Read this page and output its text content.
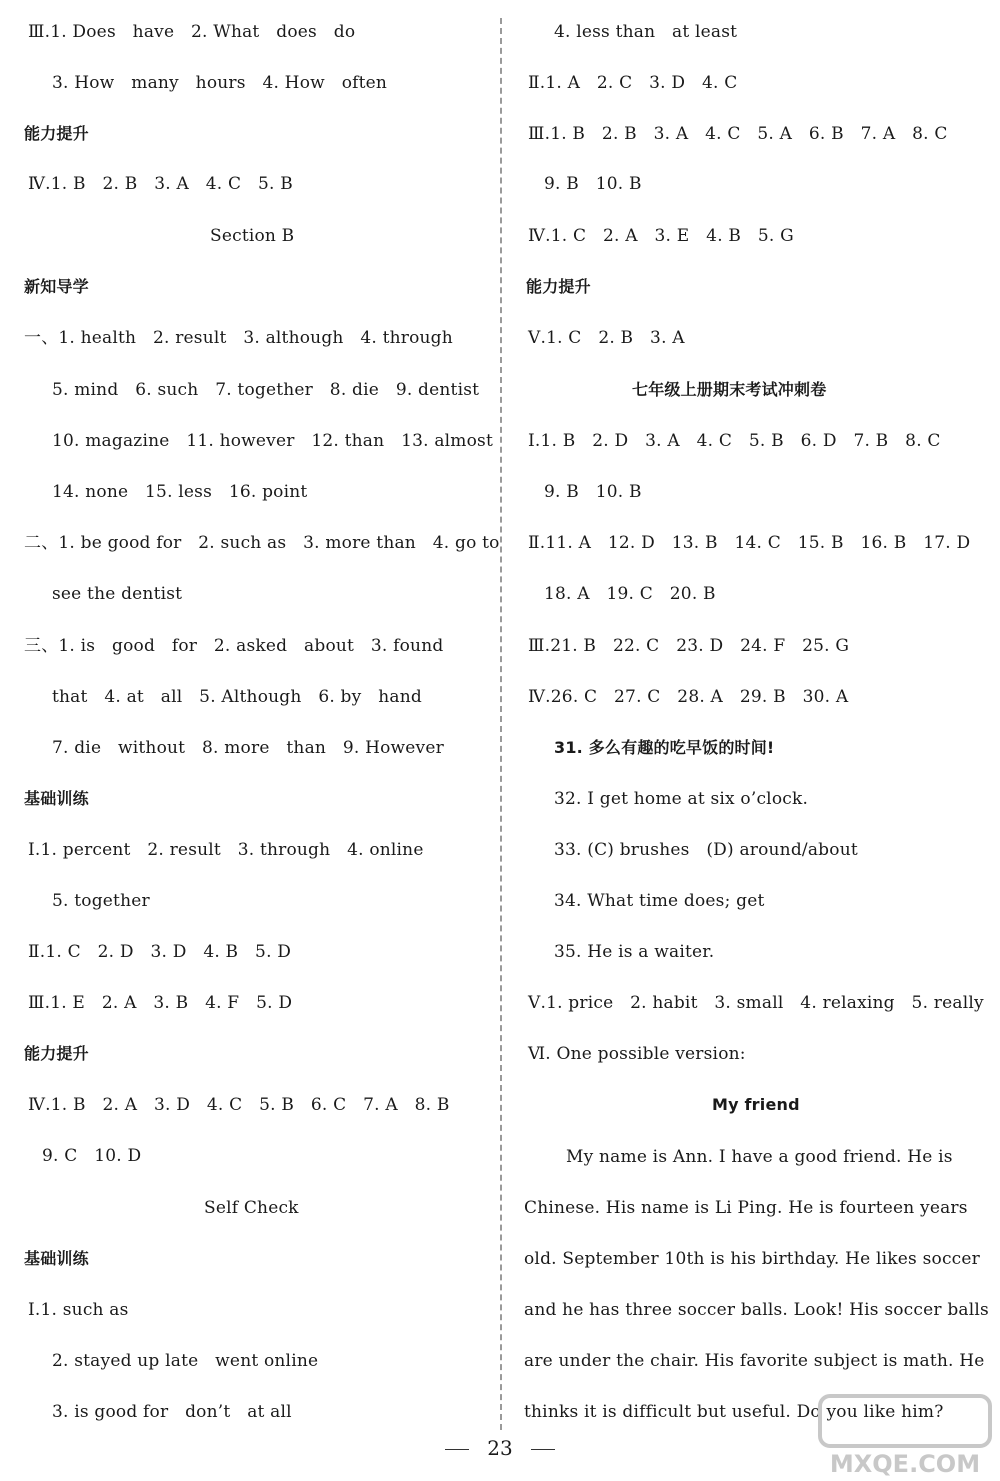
Ⅲ.1. Does   have   2. What   does   do
3. How   many   hours   4. How   often
能力提升
Ⅳ.1. B   2. B   3. A   4. C   5. B
Section B
新知导学
一、1. health   2. result   3. although   4. through
5. mind   6. such   7. together   8. die   9. dentist
10. magazine   11. however   12. than   13. almost
14. none   15. less   16. point
二、1. be good for   2. such as   3. more than   4. go to
see the dentist
三、1. is   good   for   2. asked   about   3. found
that   4. at   all   5. Although   6. by   hand
7. die   without   8. more   than   9. However
基础训练
Ⅰ.1. percent   2. result   3. through   4. online
5. together
Ⅱ.1. C   2. D   3. D   4. B   5. D
Ⅲ.1. E   2. A   3. B   4. F   5. D
能力提升
Ⅳ.1. B   2. A   3. D   4. C   5. B   6. C   7. A   8. B
9. C   10. D
Self Check
基础训练
Ⅰ.1. such as
2. stayed up late   went online
3. is good for   don’t   at all
4. less than   at least
Ⅱ.1. A   2. C   3. D   4. C
Ⅲ.1. B   2. B   3. A   4. C   5. A   6. B   7. A   8. C
9. B   10. B
Ⅳ.1. C   2. A   3. E   4. B   5. G
能力提升
Ⅴ.1. C   2. B   3. A
七年级上册期末考试冲刺卷
Ⅰ.1. B   2. D   3. A   4. C   5. B   6. D   7. B   8. C
9. B   10. B
Ⅱ.11. A   12. D   13. B   14. C   15. B   16. B   17. D
18. A   19. C   20. B
Ⅲ.21. B   22. C   23. D   24. F   25. G
Ⅳ.26. C   27. C   28. A   29. B   30. A
31. 多么有趣的吃早饭的时间!
32. I get home at six o’clock.
33. (C) brushes   (D) around/about
34. What time does; get
35. He is a waiter.
Ⅴ.1. price   2. habit   3. small   4. relaxing   5. really
Ⅵ. One possible version:
My friend
My name is Ann. I have a good friend. He is
Chinese. His name is Li Ping. He is fourteen years
old. September 10th is his birthday. He likes soccer
and he has three soccer balls. Look! His soccer balls
are under the chair. His favorite subject is math. He
thinks it is difficult but useful. Do you like him?
23
MXQE.COM
